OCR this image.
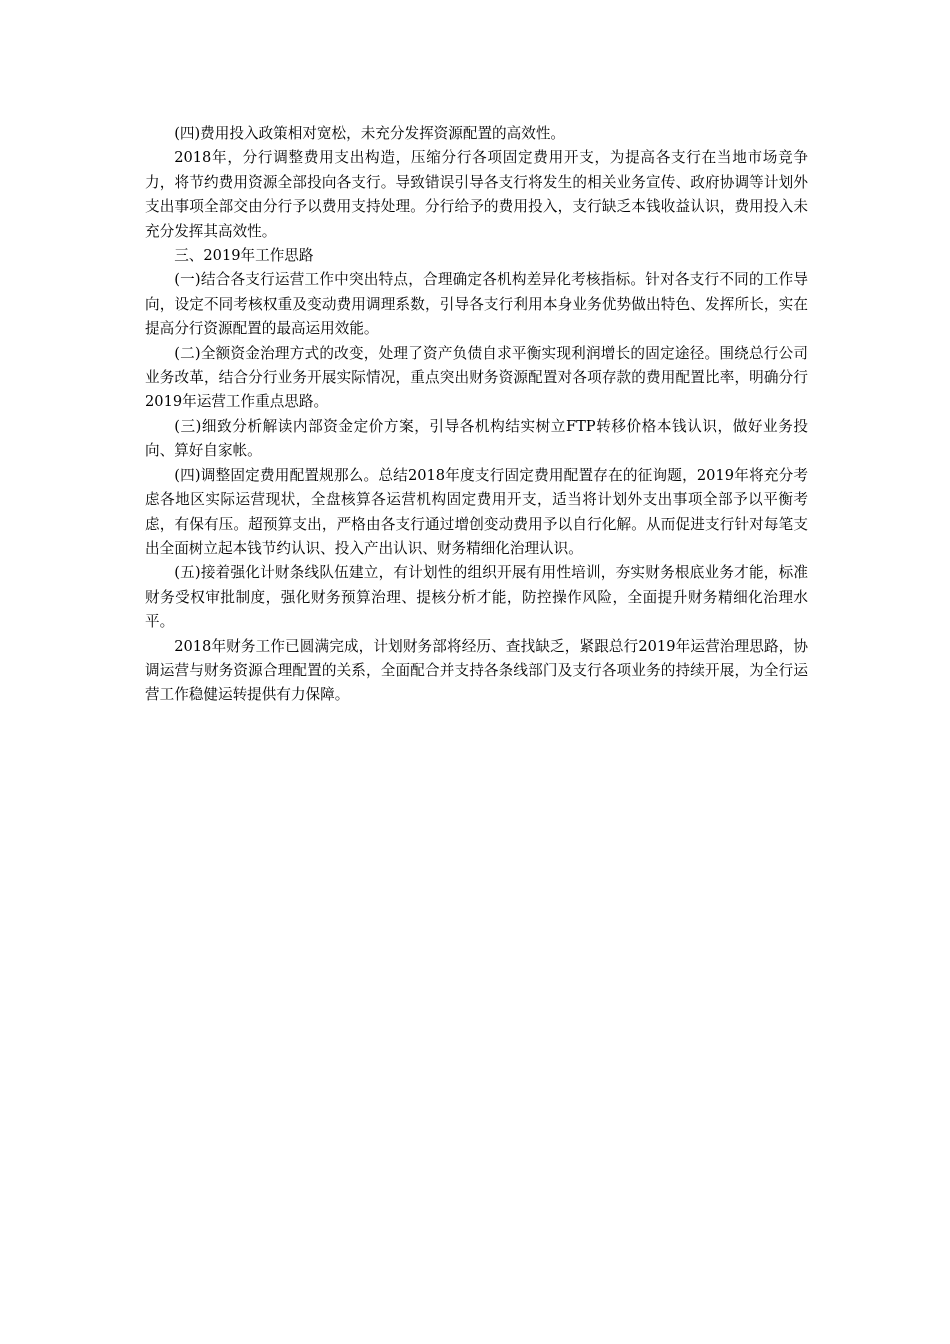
(四)费用投入政策相对宽松，未充分发挥资源配置的高效性。

2018年，分行调整费用支出构造，压缩分行各项固定费用开支，为提高各支行在当地市场竞争力，将节约费用资源全部投向各支行。导致错误引导各支行将发生的相关业务宣传、政府协调等计划外支出事项全部交由分行予以费用支持处理。分行给予的费用投入，支行缺乏本钱收益认识，费用投入未充分发挥其高效性。

三、2019年工作思路

(一)结合各支行运营工作中突出特点，合理确定各机构差异化考核指标。针对各支行不同的工作导向，设定不同考核权重及变动费用调理系数，引导各支行利用本身业务优势做出特色、发挥所长，实在提高分行资源配置的最高运用效能。

(二)全额资金治理方式的改变，处理了资产负债自求平衡实现利润增长的固定途径。围绕总行公司业务改革，结合分行业务开展实际情况，重点突出财务资源配置对各项存款的费用配置比率，明确分行2019年运营工作重点思路。

(三)细致分析解读内部资金定价方案，引导各机构结实树立FTP转移价格本钱认识，做好业务投向、算好自家帐。

(四)调整固定费用配置规那么。总结2018年度支行固定费用配置存在的征询题，2019年将充分考虑各地区实际运营现状，全盘核算各运营机构固定费用开支，适当将计划外支出事项全部予以平衡考虑，有保有压。超预算支出，严格由各支行通过增创变动费用予以自行化解。从而促进支行针对每笔支出全面树立起本钱节约认识、投入产出认识、财务精细化治理认识。

(五)接着强化计财条线队伍建立，有计划性的组织开展有用性培训，夯实财务根底业务才能，标准财务受权审批制度，强化财务预算治理、提核分析才能，防控操作风险，全面提升财务精细化治理水平。

2018年财务工作已圆满完成，计划财务部将经历、查找缺乏，紧跟总行2019年运营治理思路，协调运营与财务资源合理配置的关系，全面配合并支持各条线部门及支行各项业务的持续开展，为全行运营工作稳健运转提供有力保障。
